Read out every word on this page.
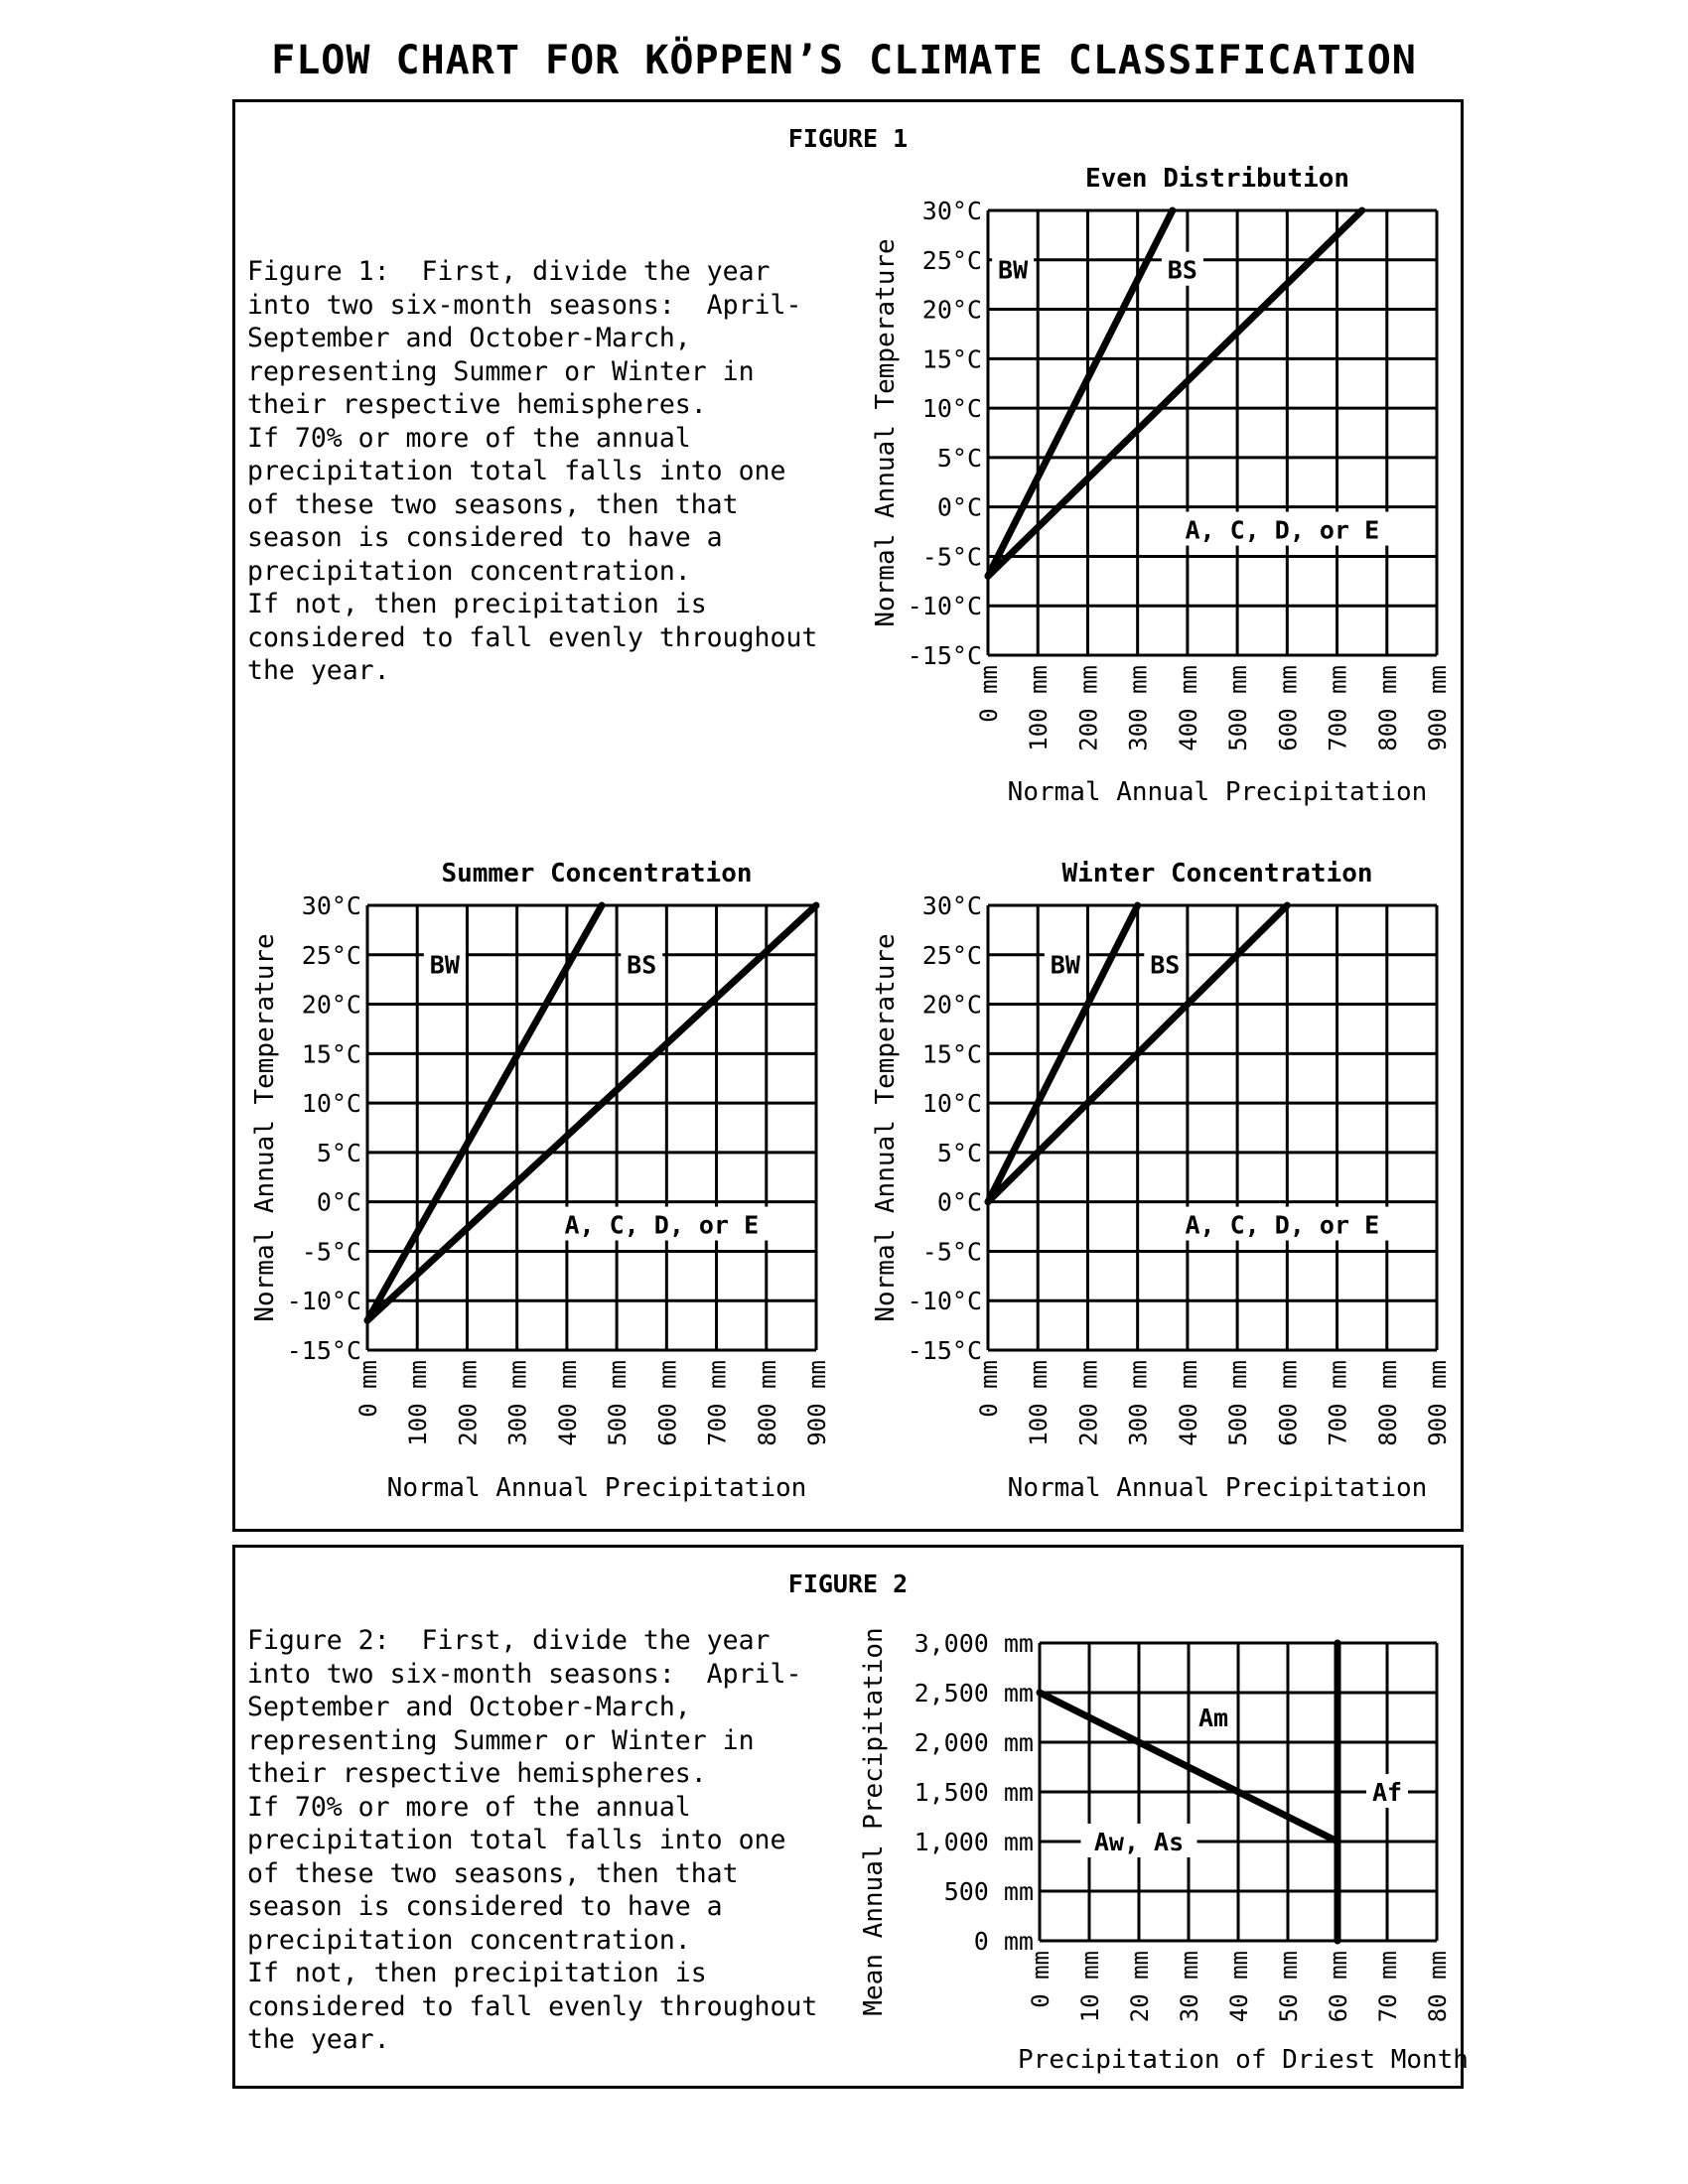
FLOW CHART FOR KÖPPEN’S CLIMATE CLASSIFICATION
FIGURE 1
Figure 1:  First, divide the year
into two six-month seasons:  April-
September and October-March,
representing Summer or Winter in
their respective hemispheres.
If 70% or more of the annual
precipitation total falls into one
of these two seasons, then that
season is considered to have a
precipitation concentration.
If not, then precipitation is
considered to fall evenly throughout
the year.
FIGURE 2
Figure 2:  First, divide the year
into two six-month seasons:  April-
September and October-March,
representing Summer or Winter in
their respective hemispheres.
If 70% or more of the annual
precipitation total falls into one
of these two seasons, then that
season is considered to have a
precipitation concentration.
If not, then precipitation is
considered to fall evenly throughout
the year.
BW	BS
A, C, D, or E
30°C
25°C
20°C
15°C
10°C
5°C
0°C
-5°C
-10°C
-15°C
0 mm 100 mm 200 mm 300 mm 400 mm 500 mm 600 mm 700 mm 800 mm 900 mm
Normal Annual Precipitation
Normal Annual Temperature
Even Distribution
BW	BS
A, C, D, or E
30°C
25°C
20°C
15°C
10°C
5°C
0°C
-5°C
-10°C
-15°C
0 mm 100 mm 200 mm 300 mm 400 mm 500 mm 600 mm 700 mm 800 mm 900 mm
Normal Annual Precipitation
Normal Annual Temperature
Summer Concentration
BW	BS
A, C, D, or E
30°C
25°C
20°C
15°C
10°C
5°C
0°C
-5°C
-10°C
-15°C
0 mm 100 mm 200 mm 300 mm 400 mm 500 mm 600 mm 700 mm 800 mm 900 mm
Normal Annual Precipitation
Normal Annual Temperature
Winter Concentration
Am
Af
Aw, As
3,000 mm
2,500 mm
2,000 mm
1,500 mm
1,000 mm
500 mm
0 mm
0 mm 10 mm 20 mm 30 mm 40 mm 50 mm 60 mm 70 mm 80 mm
Precipitation of Driest Month
Mean Annual Precipitation
